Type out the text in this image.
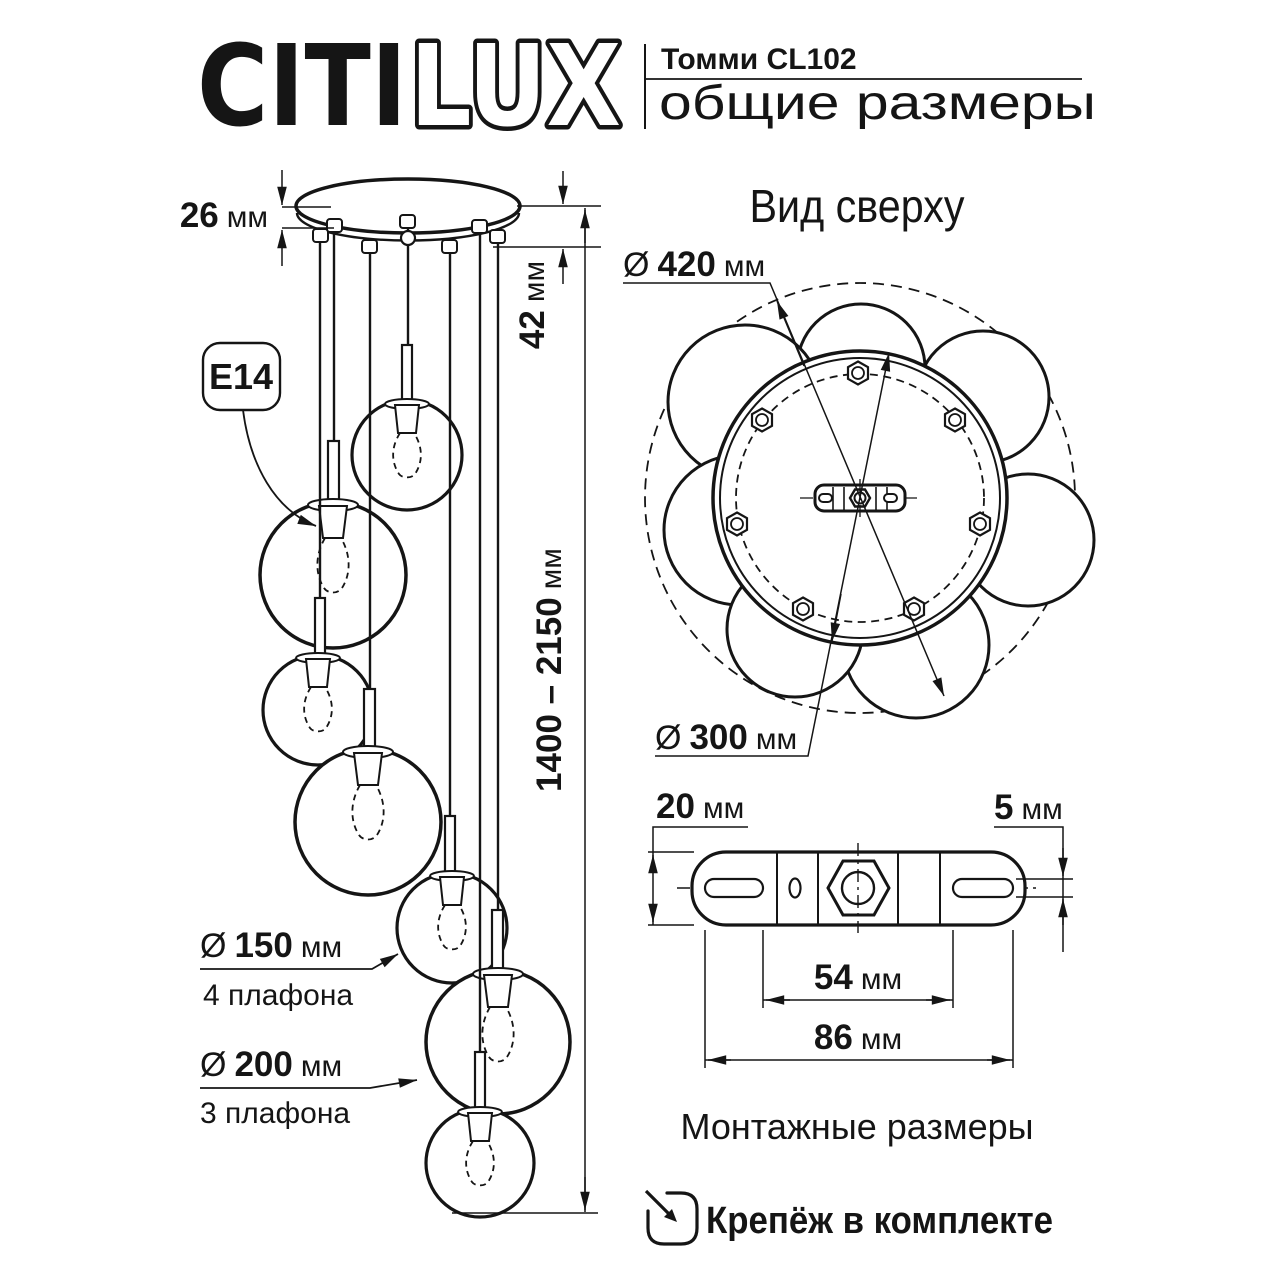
CITI LUX Томми CL102
общие размеры
26 мм
42мм
1400 – 2150мм
E14
Ø 150 мм
4 плафона
Ø 200 мм
3 плафона
Вид сверху
Ø 420 мм
Ø 300 мм
20 мм	5 мм
54 мм
86 мм
Монтажные размеры
Крепёж в комплекте
